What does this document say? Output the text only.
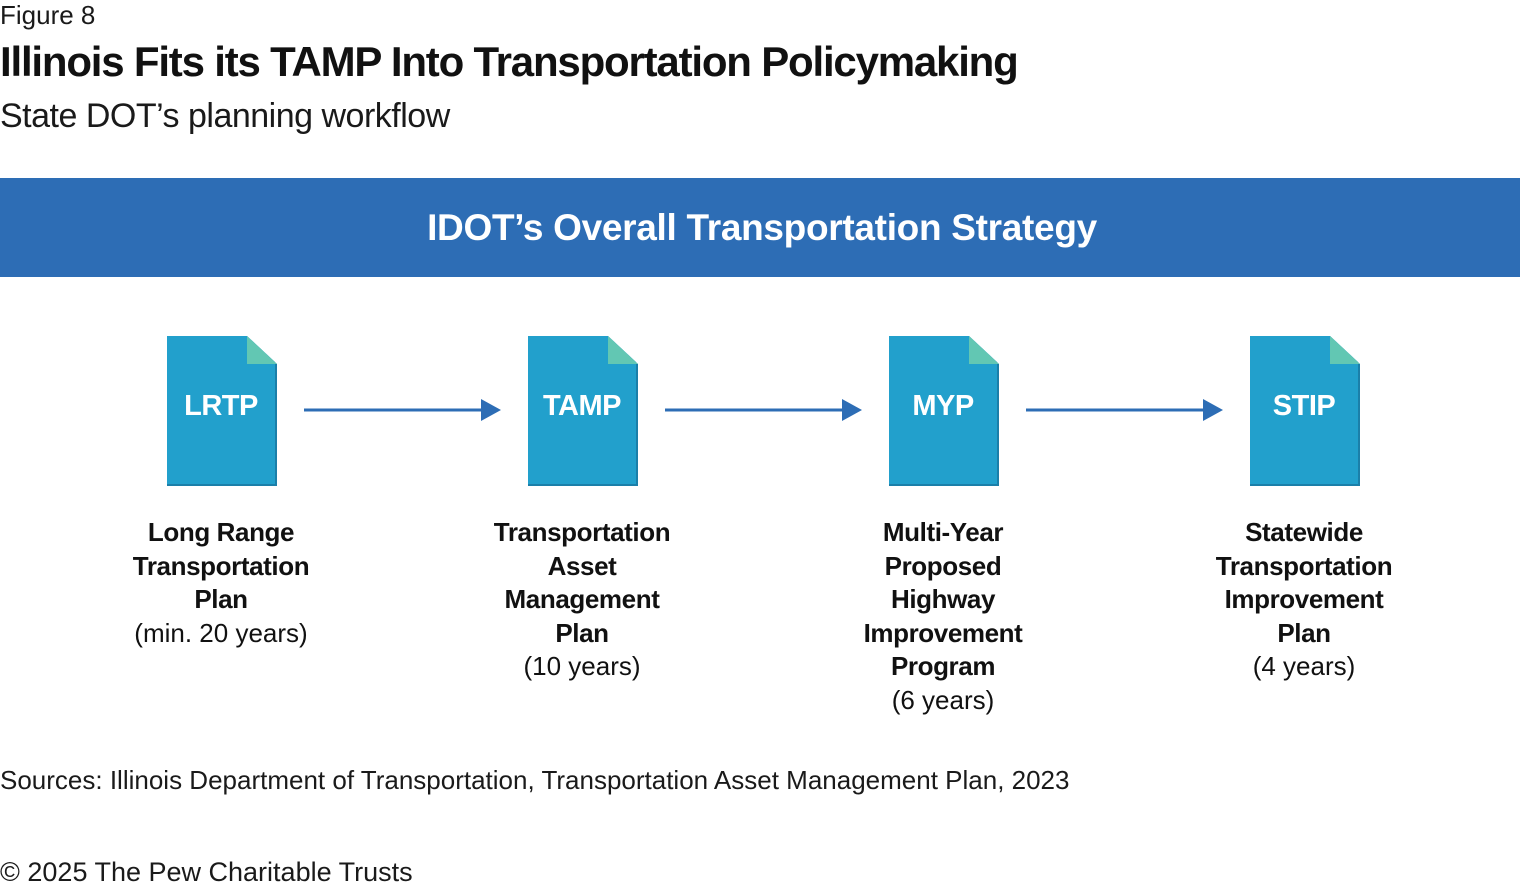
Figure 8
Illinois Fits its TAMP Into Transportation Policymaking
State DOT’s planning workflow
IDOT’s Overall Transportation Strategy
LRTP	TAMP	MYP	STIP
Long Range
Transportation
Plan
(min. 20 years)
Transportation
Asset
Management
Plan
(10 years)
Multi-Year
Proposed
Highway
Improvement
Program
(6 years)
Statewide
Transportation
Improvement
Plan
(4 years)
Sources: Illinois Department of Transportation, Transportation Asset Management Plan, 2023
© 2025 The Pew Charitable Trusts
